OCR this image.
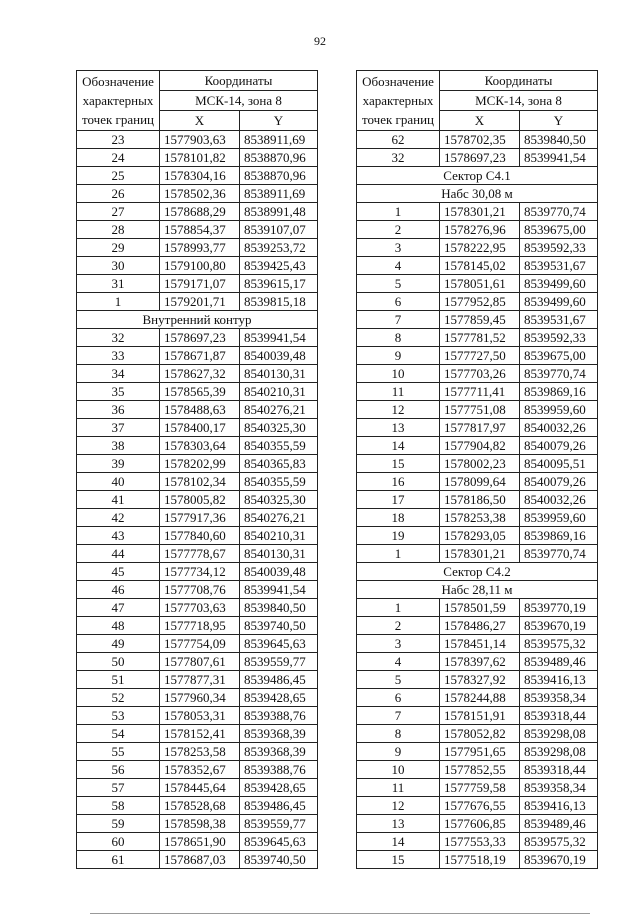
92
Обозначение
характерных
точек границ	Координаты	
	МСК-14, зона 8	
	X	Y
23	1577903,63	8538911,69
24	1578101,82	8538870,96
25	1578304,16	8538870,96
26	1578502,36	8538911,69
27	1578688,29	8538991,48
28	1578854,37	8539107,07
29	1578993,77	8539253,72
30	1579100,80	8539425,43
31	1579171,07	8539615,17
1	1579201,71	8539815,18
Внутренний контур		
32	1578697,23	8539941,54
33	1578671,87	8540039,48
34	1578627,32	8540130,31
35	1578565,39	8540210,31
36	1578488,63	8540276,21
37	1578400,17	8540325,30
38	1578303,64	8540355,59
39	1578202,99	8540365,83
40	1578102,34	8540355,59
41	1578005,82	8540325,30
42	1577917,36	8540276,21
43	1577840,60	8540210,31
44	1577778,67	8540130,31
45	1577734,12	8540039,48
46	1577708,76	8539941,54
47	1577703,63	8539840,50
48	1577718,95	8539740,50
49	1577754,09	8539645,63
50	1577807,61	8539559,77
51	1577877,31	8539486,45
52	1577960,34	8539428,65
53	1578053,31	8539388,76
54	1578152,41	8539368,39
55	1578253,58	8539368,39
56	1578352,67	8539388,76
57	1578445,64	8539428,65
58	1578528,68	8539486,45
59	1578598,38	8539559,77
60	1578651,90	8539645,63
61	1578687,03	8539740,50
Обозначение
характерных
точек границ	Координаты	
	МСК-14, зона 8	
	X	Y
62	1578702,35	8539840,50
32	1578697,23	8539941,54
Сектор С4.1		
Набс 30,08 м		
1	1578301,21	8539770,74
2	1578276,96	8539675,00
3	1578222,95	8539592,33
4	1578145,02	8539531,67
5	1578051,61	8539499,60
6	1577952,85	8539499,60
7	1577859,45	8539531,67
8	1577781,52	8539592,33
9	1577727,50	8539675,00
10	1577703,26	8539770,74
11	1577711,41	8539869,16
12	1577751,08	8539959,60
13	1577817,97	8540032,26
14	1577904,82	8540079,26
15	1578002,23	8540095,51
16	1578099,64	8540079,26
17	1578186,50	8540032,26
18	1578253,38	8539959,60
19	1578293,05	8539869,16
1	1578301,21	8539770,74
Сектор С4.2		
Набс 28,11 м		
1	1578501,59	8539770,19
2	1578486,27	8539670,19
3	1578451,14	8539575,32
4	1578397,62	8539489,46
5	1578327,92	8539416,13
6	1578244,88	8539358,34
7	1578151,91	8539318,44
8	1578052,82	8539298,08
9	1577951,65	8539298,08
10	1577852,55	8539318,44
11	1577759,58	8539358,34
12	1577676,55	8539416,13
13	1577606,85	8539489,46
14	1577553,33	8539575,32
15	1577518,19	8539670,19
